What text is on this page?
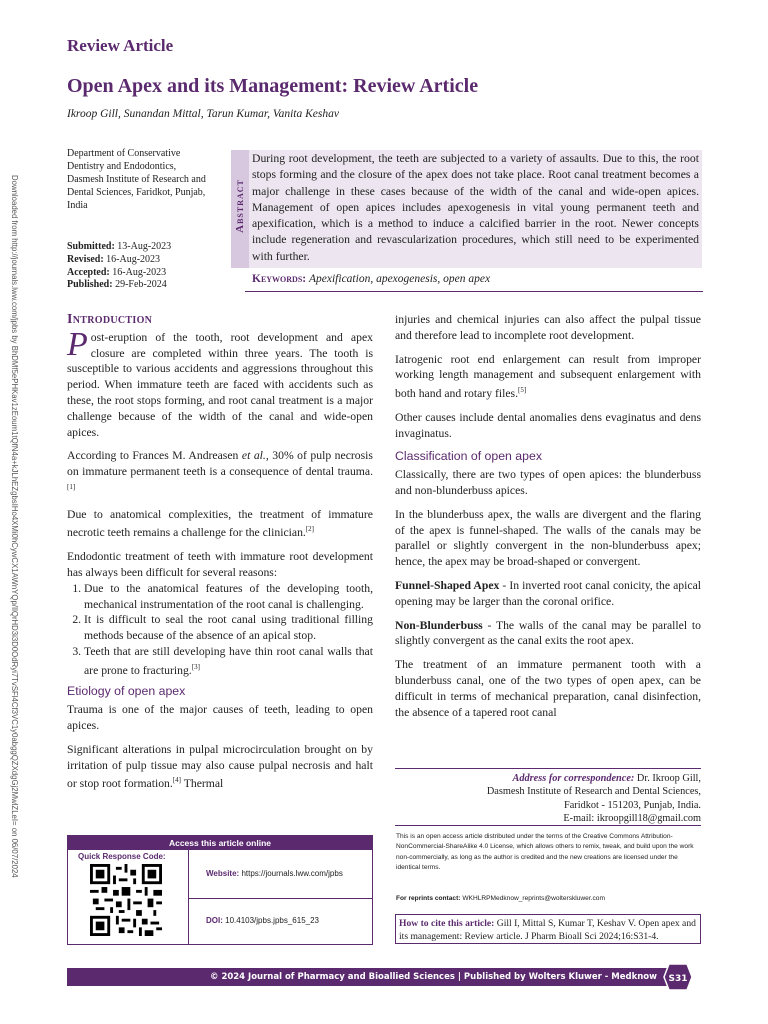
Review Article
Open Apex and its Management: Review Article
Ikroop Gill, Sunandan Mittal, Tarun Kumar, Vanita Keshav
Downloaded from http://journals.lww.com/jpbs by BhDMf5ePHKav1zEoum1tQfN4a+kJLhEZgbsIHo4XMi0hCywCX1AWnYQp/IlQrHD3i3D0OdRyi7TvSFl4Cf3VC1y0abggQZXdgGj2MwlZLeI= on 06/07/2024
Department of Conservative Dentistry and Endodontics, Dasmesh Institute of Research and Dental Sciences, Faridkot, Punjab, India
Submitted: 13-Aug-2023
Revised: 16-Aug-2023
Accepted: 16-Aug-2023
Published: 29-Feb-2024
Abstract
During root development, the teeth are subjected to a variety of assaults. Due to this, the root stops forming and the closure of the apex does not take place. Root canal treatment becomes a major challenge in these cases because of the width of the canal and wide-open apices. Management of open apices includes apexogenesis in vital young permanent teeth and apexification, which is a method to induce a calcified barrier in the root. Newer concepts include regeneration and revascularization procedures, which still need to be experimented with further.
Keywords: Apexification, apexogenesis, open apex
Introduction

Post-eruption of the tooth, root development and apex closure are completed within three years. The tooth is susceptible to various accidents and aggressions throughout this period. When immature teeth are faced with accidents such as these, the root stops forming, and root canal treatment is a major challenge because of the width of the canal and wide-open apices.

According to Frances M. Andreasen et al., 30% of pulp necrosis on immature permanent teeth is a consequence of dental trauma.[1]

Due to anatomical complexities, the treatment of immature necrotic teeth remains a challenge for the clinician.[2]

Endodontic treatment of teeth with immature root development has always been difficult for several reasons:

1. Due to the anatomical features of the developing tooth, mechanical instrumentation of the root canal is challenging.
2. It is difficult to seal the root canal using traditional filling methods because of the absence of an apical stop.
3. Teeth that are still developing have thin root canal walls that are prone to fracturing.[3]
Etiology of open apex

Trauma is one of the major causes of teeth, leading to open apices.

Significant alterations in pulpal microcirculation brought on by irritation of pulp tissue may also cause pulpal necrosis and halt or stop root formation.[4] Thermal

injuries and chemical injuries can also affect the pulpal tissue and therefore lead to incomplete root development.

Iatrogenic root end enlargement can result from improper working length management and subsequent enlargement with both hand and rotary files.[5]

Other causes include dental anomalies dens evaginatus and dens invaginatus.

Classification of open apex

Classically, there are two types of open apices: the blunderbuss and non-blunderbuss apices.

In the blunderbuss apex, the walls are divergent and the flaring of the apex is funnel-shaped. The walls of the canals may be parallel or slightly convergent in the non-blunderbuss apex; hence, the apex may be broad-shaped or convergent.

Funnel-Shaped Apex - In inverted root canal conicity, the apical opening may be larger than the coronal orifice.

Non-Blunderbuss - The walls of the canal may be parallel to slightly convergent as the canal exits the root apex.

The treatment of an immature permanent tooth with a blunderbuss canal, one of the two types of open apex, can be difficult in terms of mechanical preparation, canal disinfection, the absence of a tapered root canal

Address for correspondence: Dr. Ikroop Gill,
Dasmesh Institute of Research and Dental Sciences,
Faridkot - 151203, Punjab, India.
E-mail: ikroopgill18@gmail.com
This is an open access article distributed under the terms of the Creative Commons Attribution-NonCommercial-ShareAlike 4.0 License, which allows others to remix, tweak, and build upon the work non-commercially, as long as the author is credited and the new creations are licensed under the identical terms.
For reprints contact: WKHLRPMedknow_reprints@wolterskluwer.com
How to cite this article: Gill I, Mittal S, Kumar T, Keshav V. Open apex and its management: Review article. J Pharm Bioall Sci 2024;16:S31-4.
Access this article online
Quick Response Code:
Website: https://journals.lww.com/jpbs
DOI: 10.4103/jpbs.jpbs_615_23
© 2024 Journal of Pharmacy and Bioallied Sciences | Published by Wolters Kluwer - Medknow S31
